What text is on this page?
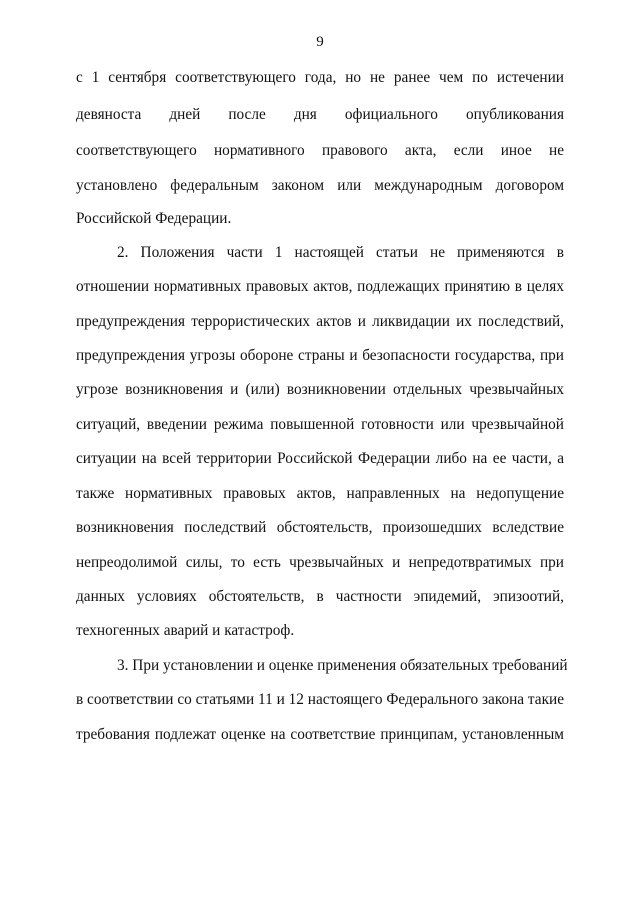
9
с 1 сентября соответствующего года, но не ранее чем по истечении
девяноста дней после дня официального опубликования
соответствующего нормативного правового акта, если иное не
установлено федеральным законом или международным договором
Российской Федерации.
2. Положения части 1 настоящей статьи не применяются в
отношении нормативных правовых актов, подлежащих принятию в целях
предупреждения террористических актов и ликвидации их последствий,
предупреждения угрозы обороне страны и безопасности государства, при
угрозе возникновения и (или) возникновении отдельных чрезвычайных
ситуаций, введении режима повышенной готовности или чрезвычайной
ситуации на всей территории Российской Федерации либо на ее части, а
также нормативных правовых актов, направленных на недопущение
возникновения последствий обстоятельств, произошедших вследствие
непреодолимой силы, то есть чрезвычайных и непредотвратимых при
данных условиях обстоятельств, в частности эпидемий, эпизоотий,
техногенных аварий и катастроф.
3. При установлении и оценке применения обязательных требований
в соответствии со статьями 11 и 12 настоящего Федерального закона такие
требования подлежат оценке на соответствие принципам, установленным
